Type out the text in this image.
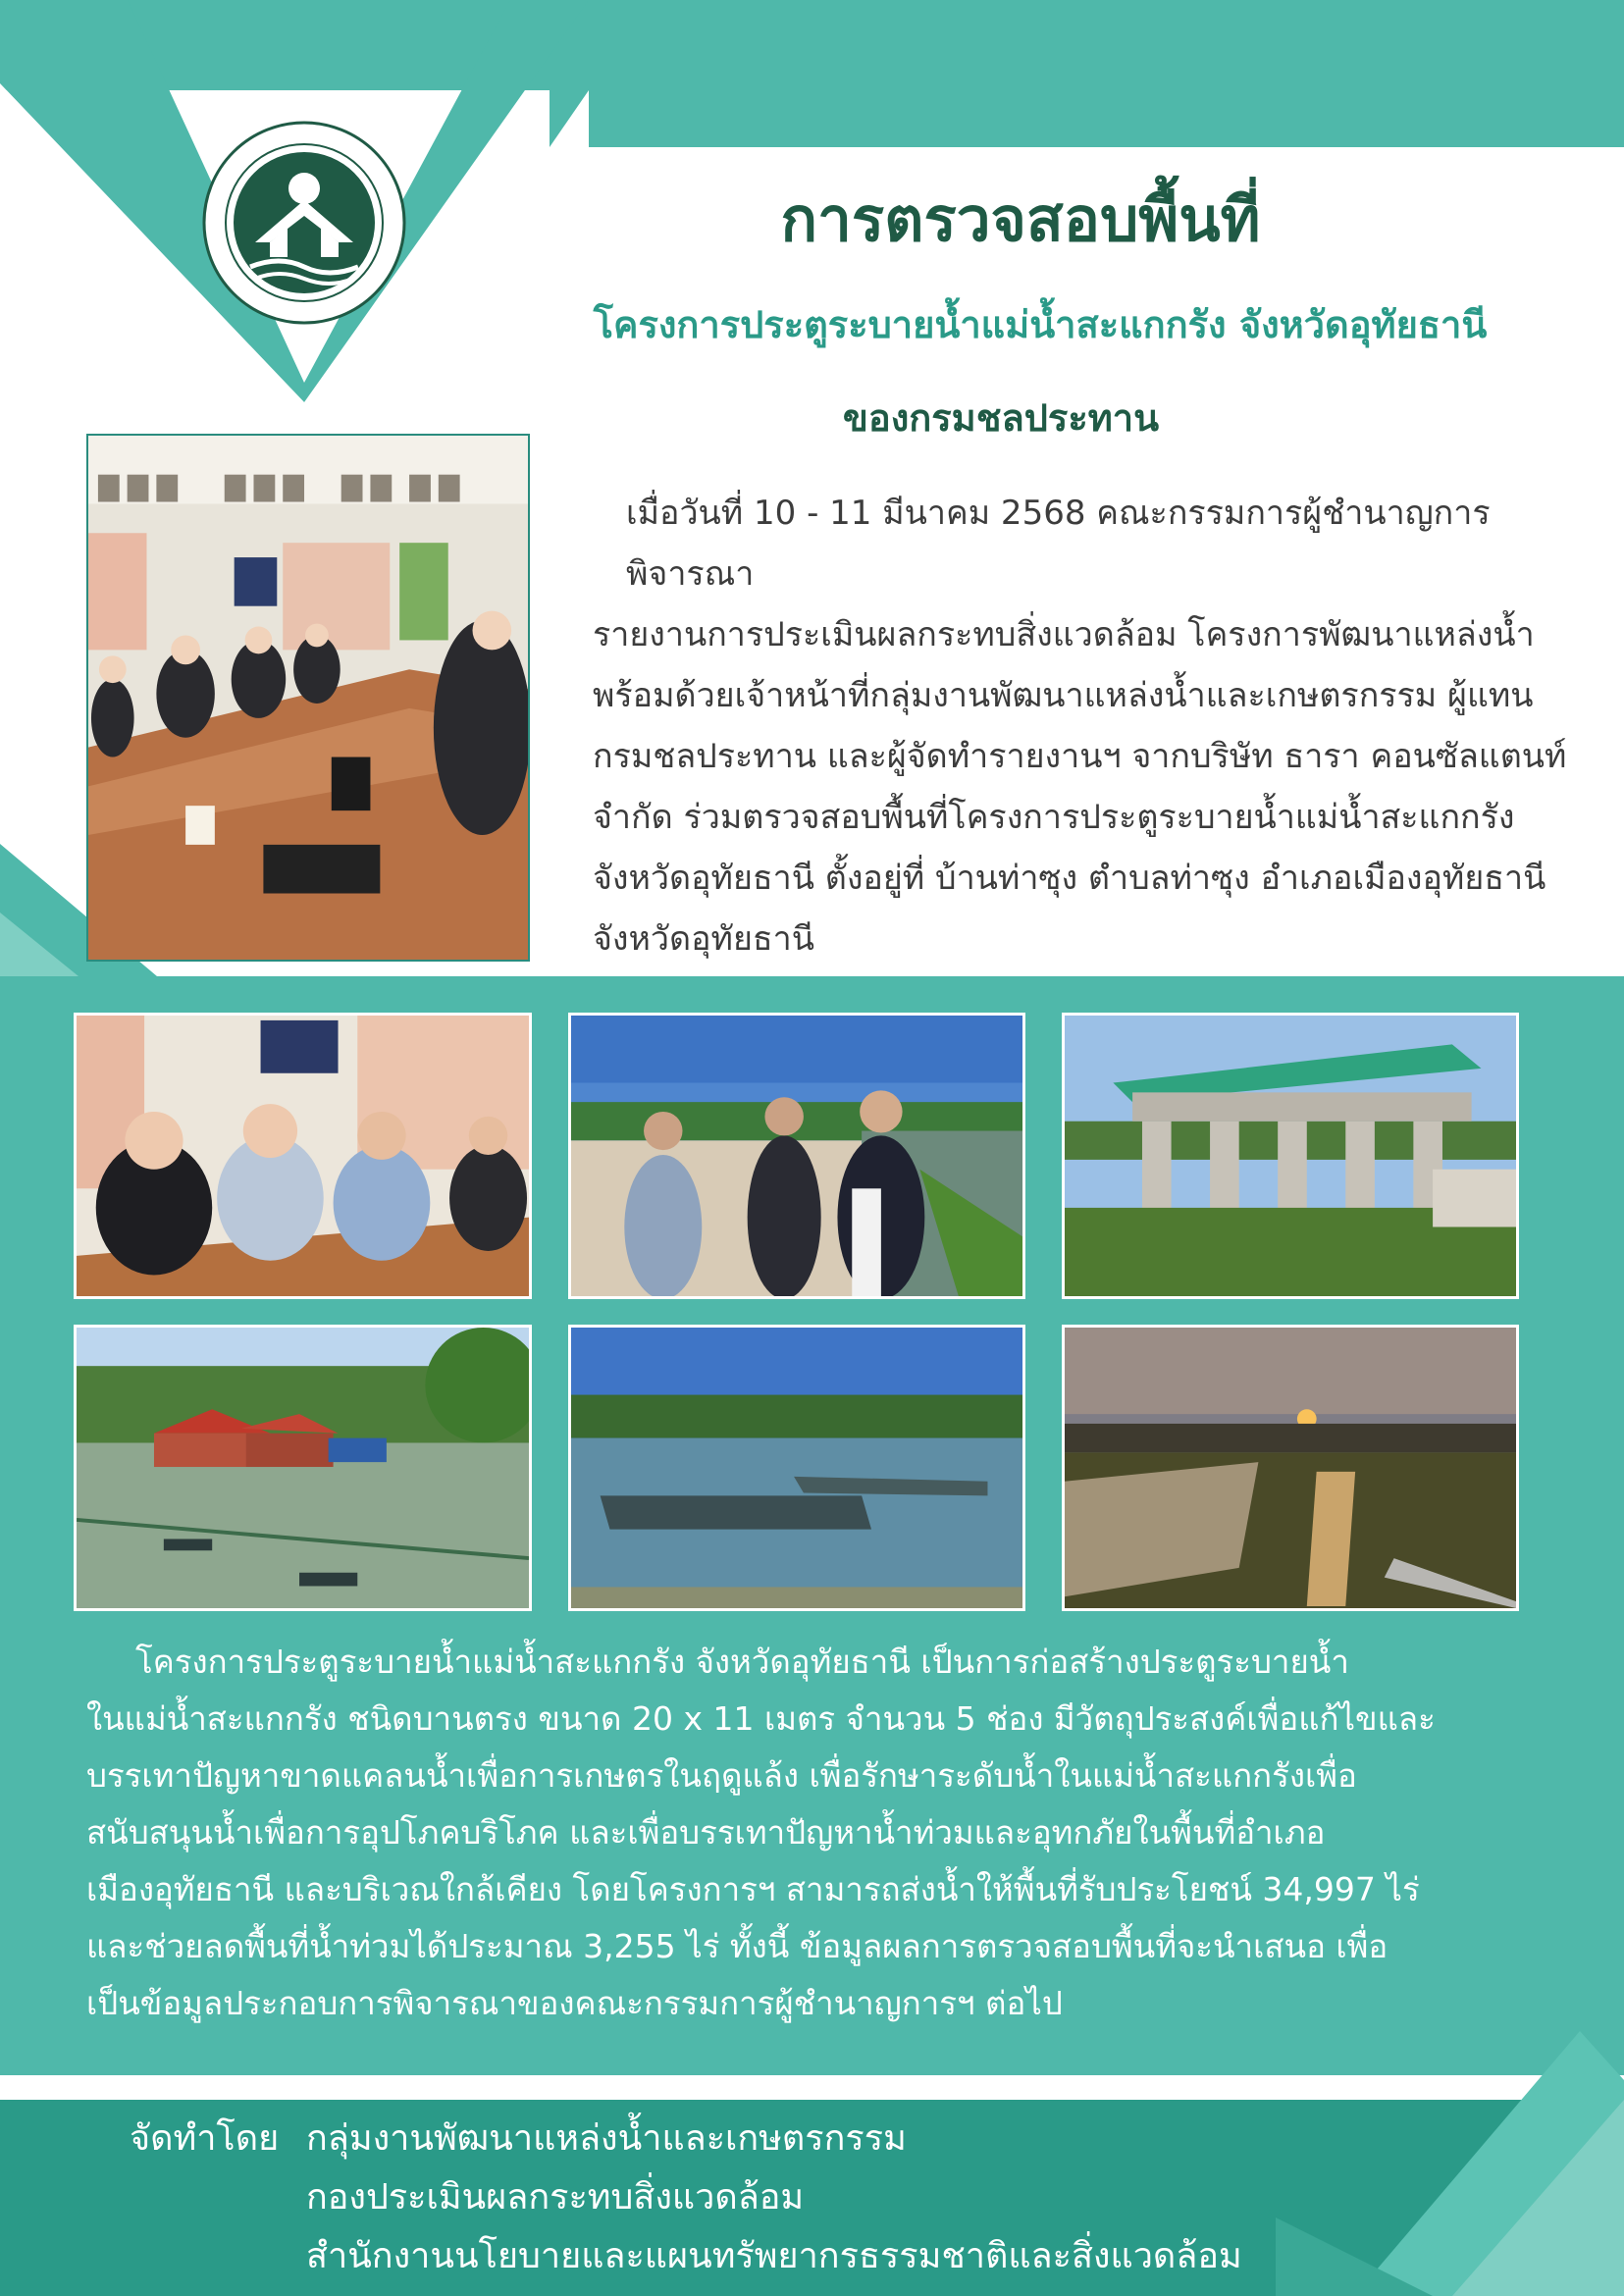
การตรวจสอบพื้นที่
โครงการประตูระบายน้ำแม่น้ำสะแกกรัง จังหวัดอุทัยธานี
ของกรมชลประทาน
เมื่อวันที่ 10 - 11 มีนาคม 2568 คณะกรรมการผู้ชำนาญการพิจารณา
รายงานการประเมินผลกระทบสิ่งแวดล้อม โครงการพัฒนาแหล่งน้ำ
พร้อมด้วยเจ้าหน้าที่กลุ่มงานพัฒนาแหล่งน้ำและเกษตรกรรม ผู้แทน
กรมชลประทาน และผู้จัดทำรายงานฯ จากบริษัท ธารา คอนซัลแตนท์
จำกัด ร่วมตรวจสอบพื้นที่โครงการประตูระบายน้ำแม่น้ำสะแกกรัง
จังหวัดอุทัยธานี ตั้งอยู่ที่ บ้านท่าซุง ตำบลท่าซุง อำเภอเมืองอุทัยธานี
จังหวัดอุทัยธานี
โครงการประตูระบายน้ำแม่น้ำสะแกกรัง จังหวัดอุทัยธานี เป็นการก่อสร้างประตูระบายน้ำ
ในแม่น้ำสะแกกรัง ชนิดบานตรง ขนาด 20 x 11 เมตร จำนวน 5 ช่อง มีวัตถุประสงค์เพื่อแก้ไขและ
บรรเทาปัญหาขาดแคลนน้ำเพื่อการเกษตรในฤดูแล้ง เพื่อรักษาระดับน้ำในแม่น้ำสะแกกรังเพื่อ
สนับสนุนน้ำเพื่อการอุปโภคบริโภค และเพื่อบรรเทาปัญหาน้ำท่วมและอุทกภัยในพื้นที่อำเภอ
เมืองอุทัยธานี และบริเวณใกล้เคียง โดยโครงการฯ สามารถส่งน้ำให้พื้นที่รับประโยชน์ 34,997 ไร่
และช่วยลดพื้นที่น้ำท่วมได้ประมาณ 3,255 ไร่ ทั้งนี้ ข้อมูลผลการตรวจสอบพื้นที่จะนำเสนอ เพื่อ
เป็นข้อมูลประกอบการพิจารณาของคณะกรรมการผู้ชำนาญการฯ ต่อไป
จัดทำโดย กลุ่มงานพัฒนาแหล่งน้ำและเกษตรกรรม
กองประเมินผลกระทบสิ่งแวดล้อม
สำนักงานนโยบายและแผนทรัพยากรธรรมชาติและสิ่งแวดล้อม
